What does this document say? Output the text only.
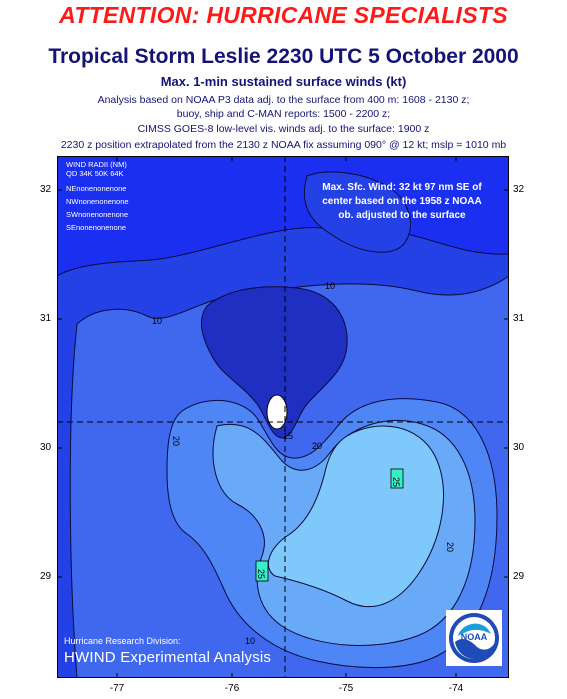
ATTENTION: HURRICANE SPECIALISTS
Tropical Storm Leslie 2230 UTC 5 October 2000
Max. 1-min sustained surface winds (kt)
Analysis based on NOAA P3 data adj. to the surface from 400 m: 1608 - 2130 z;
buoy, ship and C-MAN reports: 1500 - 2200 z;
CIMSS GOES-8 low-level vis. winds adj. to the surface: 1900 z
2230 z position extrapolated from the 2130 z NOAA fix assuming 090° @ 12 kt; mslp = 1010 mb
10
10
10
15
20	20
20
25
25
32
31
30
29
32
31
30
29
-77	-76	-75	-74
WIND RADII (NM)
QD 34K 50K 64K
NEnonenonenone
NWnonenonenone
SWnonenonenone
SEnonenonenone
Max. Sfc. Wind: 32 kt 97 nm SE of
center based on the 1958 z NOAA
ob. adjusted to the surface
Hurricane Research Division:
HWIND Experimental Analysis
NOAA
